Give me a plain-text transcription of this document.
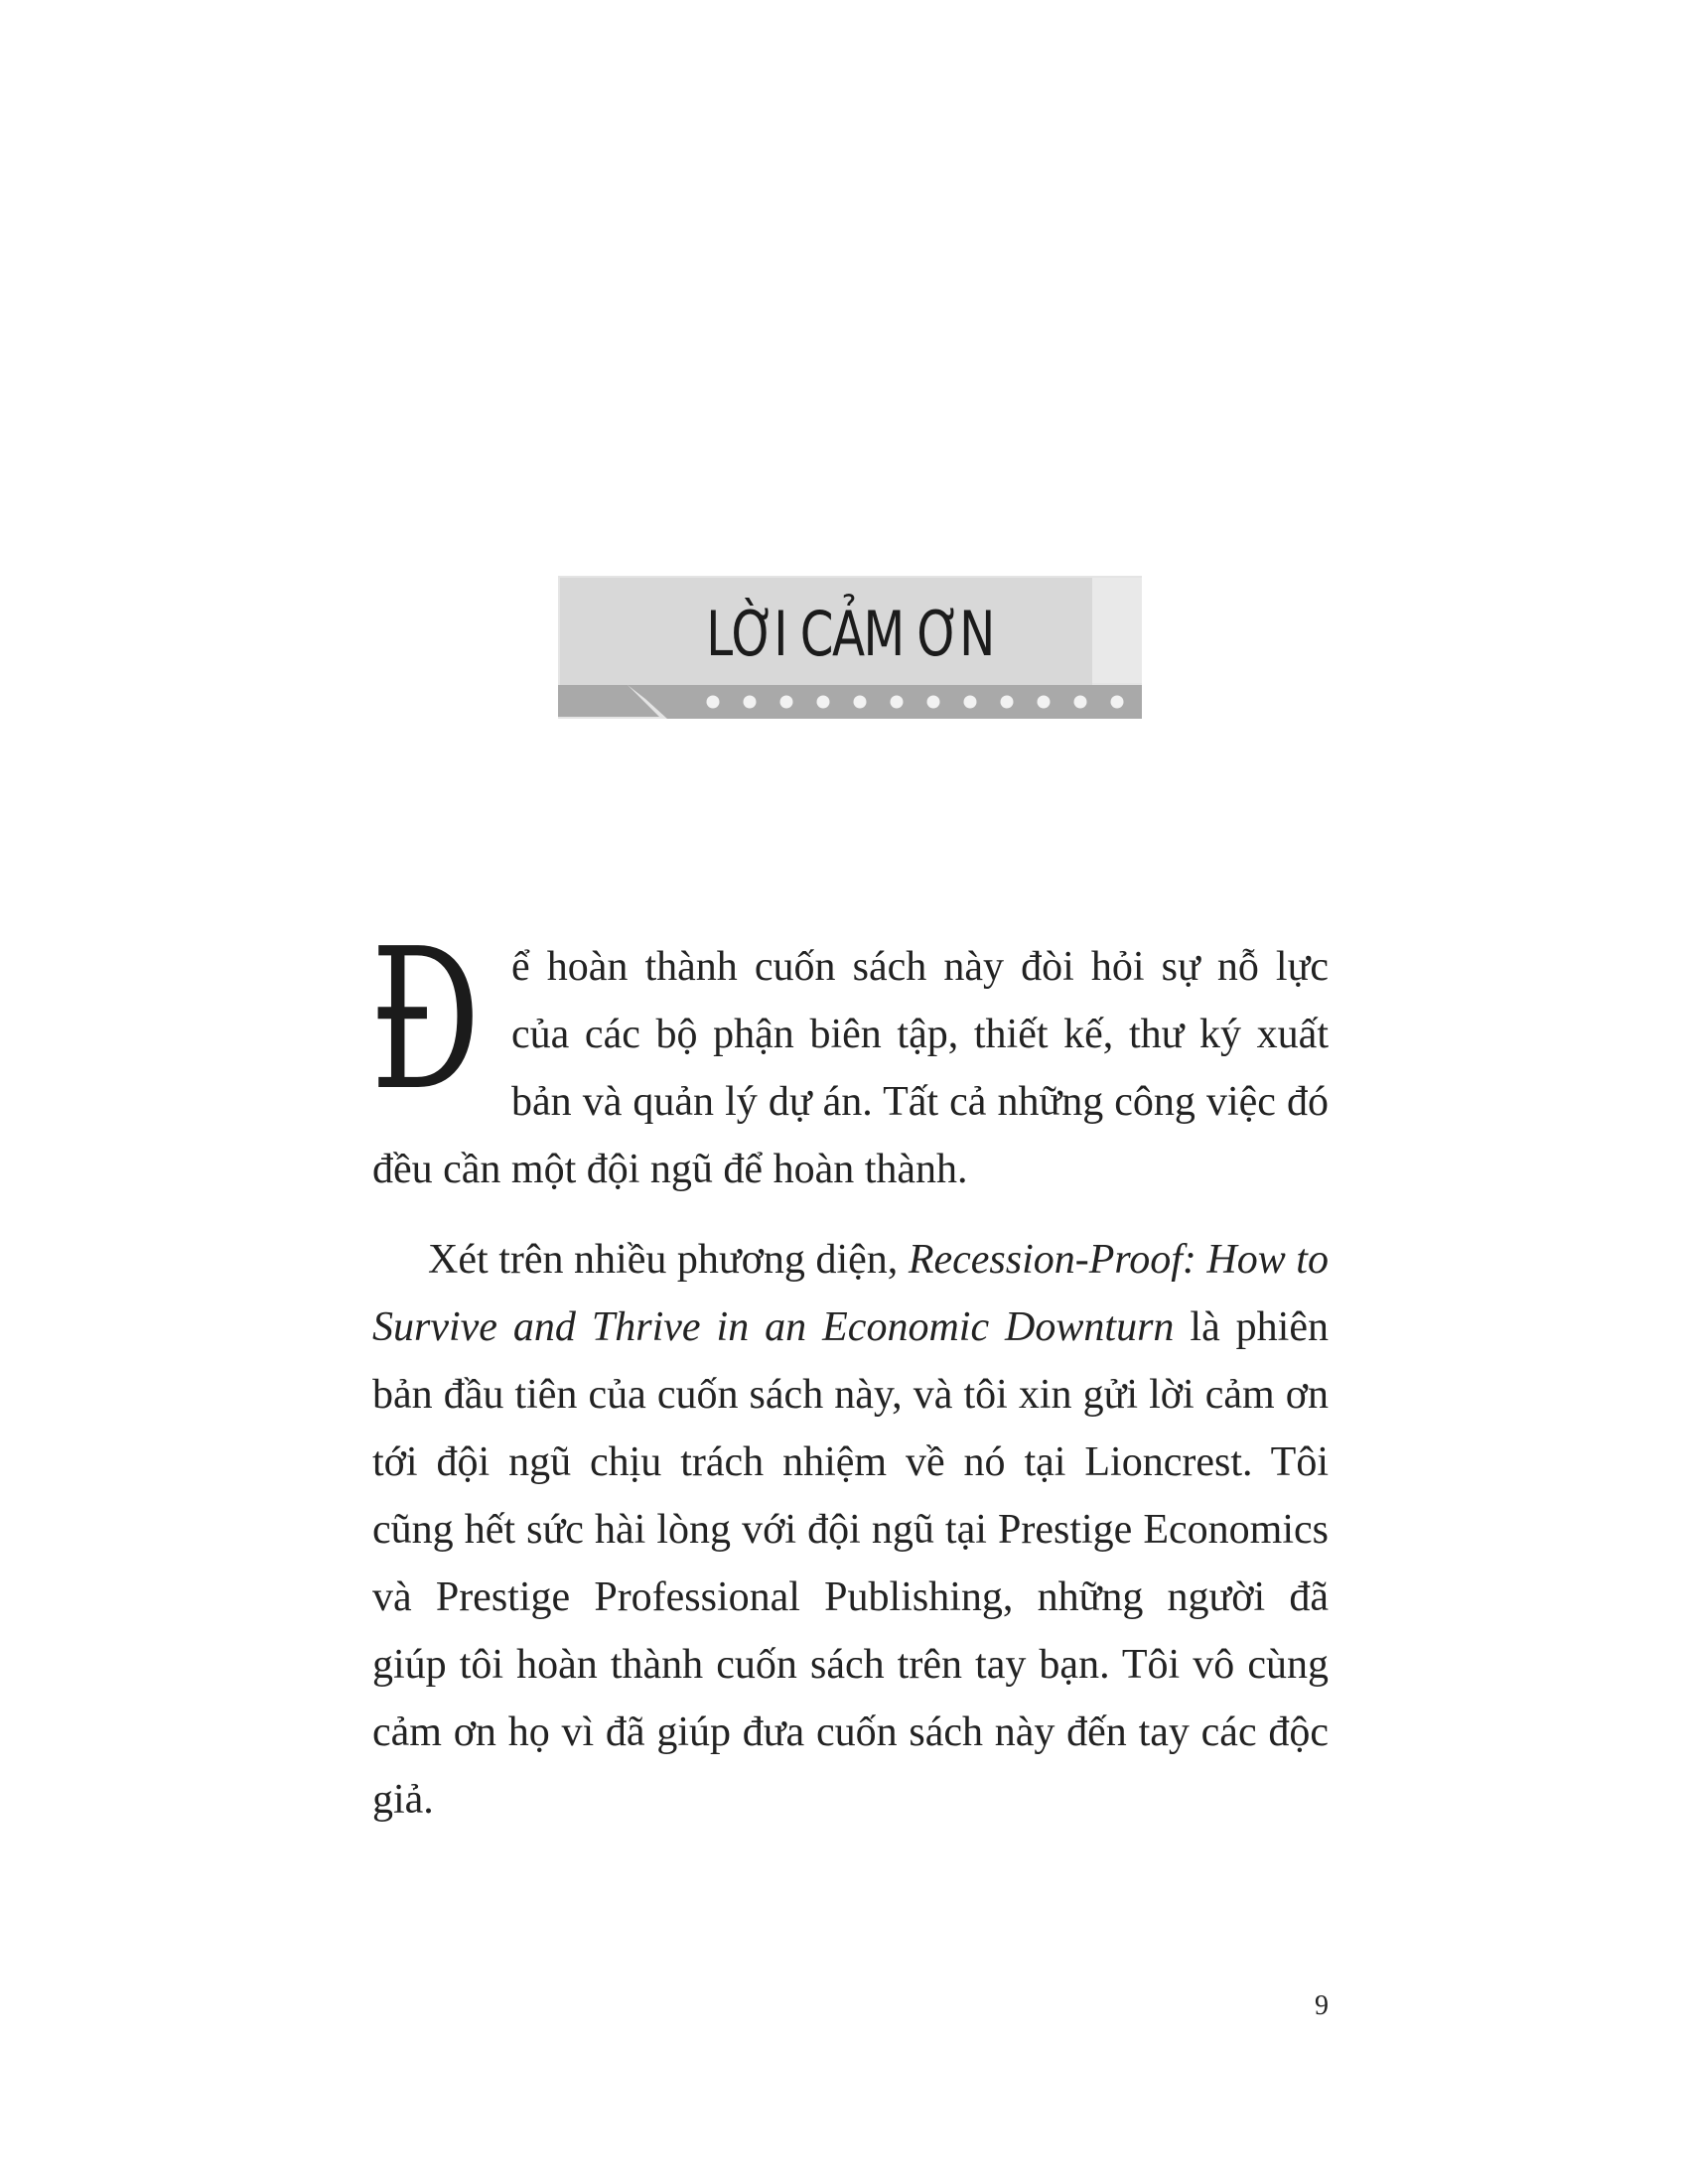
LỜI CẢM ƠN

Để hoàn thành cuốn sách này đòi hỏi sự nỗ lực của các bộ phận biên tập, thiết kế, thư ký xuất bản và quản lý dự án. Tất cả những công việc đó đều cần một đội ngũ để hoàn thành.

Xét trên nhiều phương diện, Recession-Proof: How to Survive and Thrive in an Economic Downturn là phiên bản đầu tiên của cuốn sách này, và tôi xin gửi lời cảm ơn tới đội ngũ chịu trách nhiệm về nó tại Lioncrest. Tôi cũng hết sức hài lòng với đội ngũ tại Prestige Economics và Prestige Professional Publishing, những người đã giúp tôi hoàn thành cuốn sách trên tay bạn. Tôi vô cùng cảm ơn họ vì đã giúp đưa cuốn sách này đến tay các độc giả.

9
